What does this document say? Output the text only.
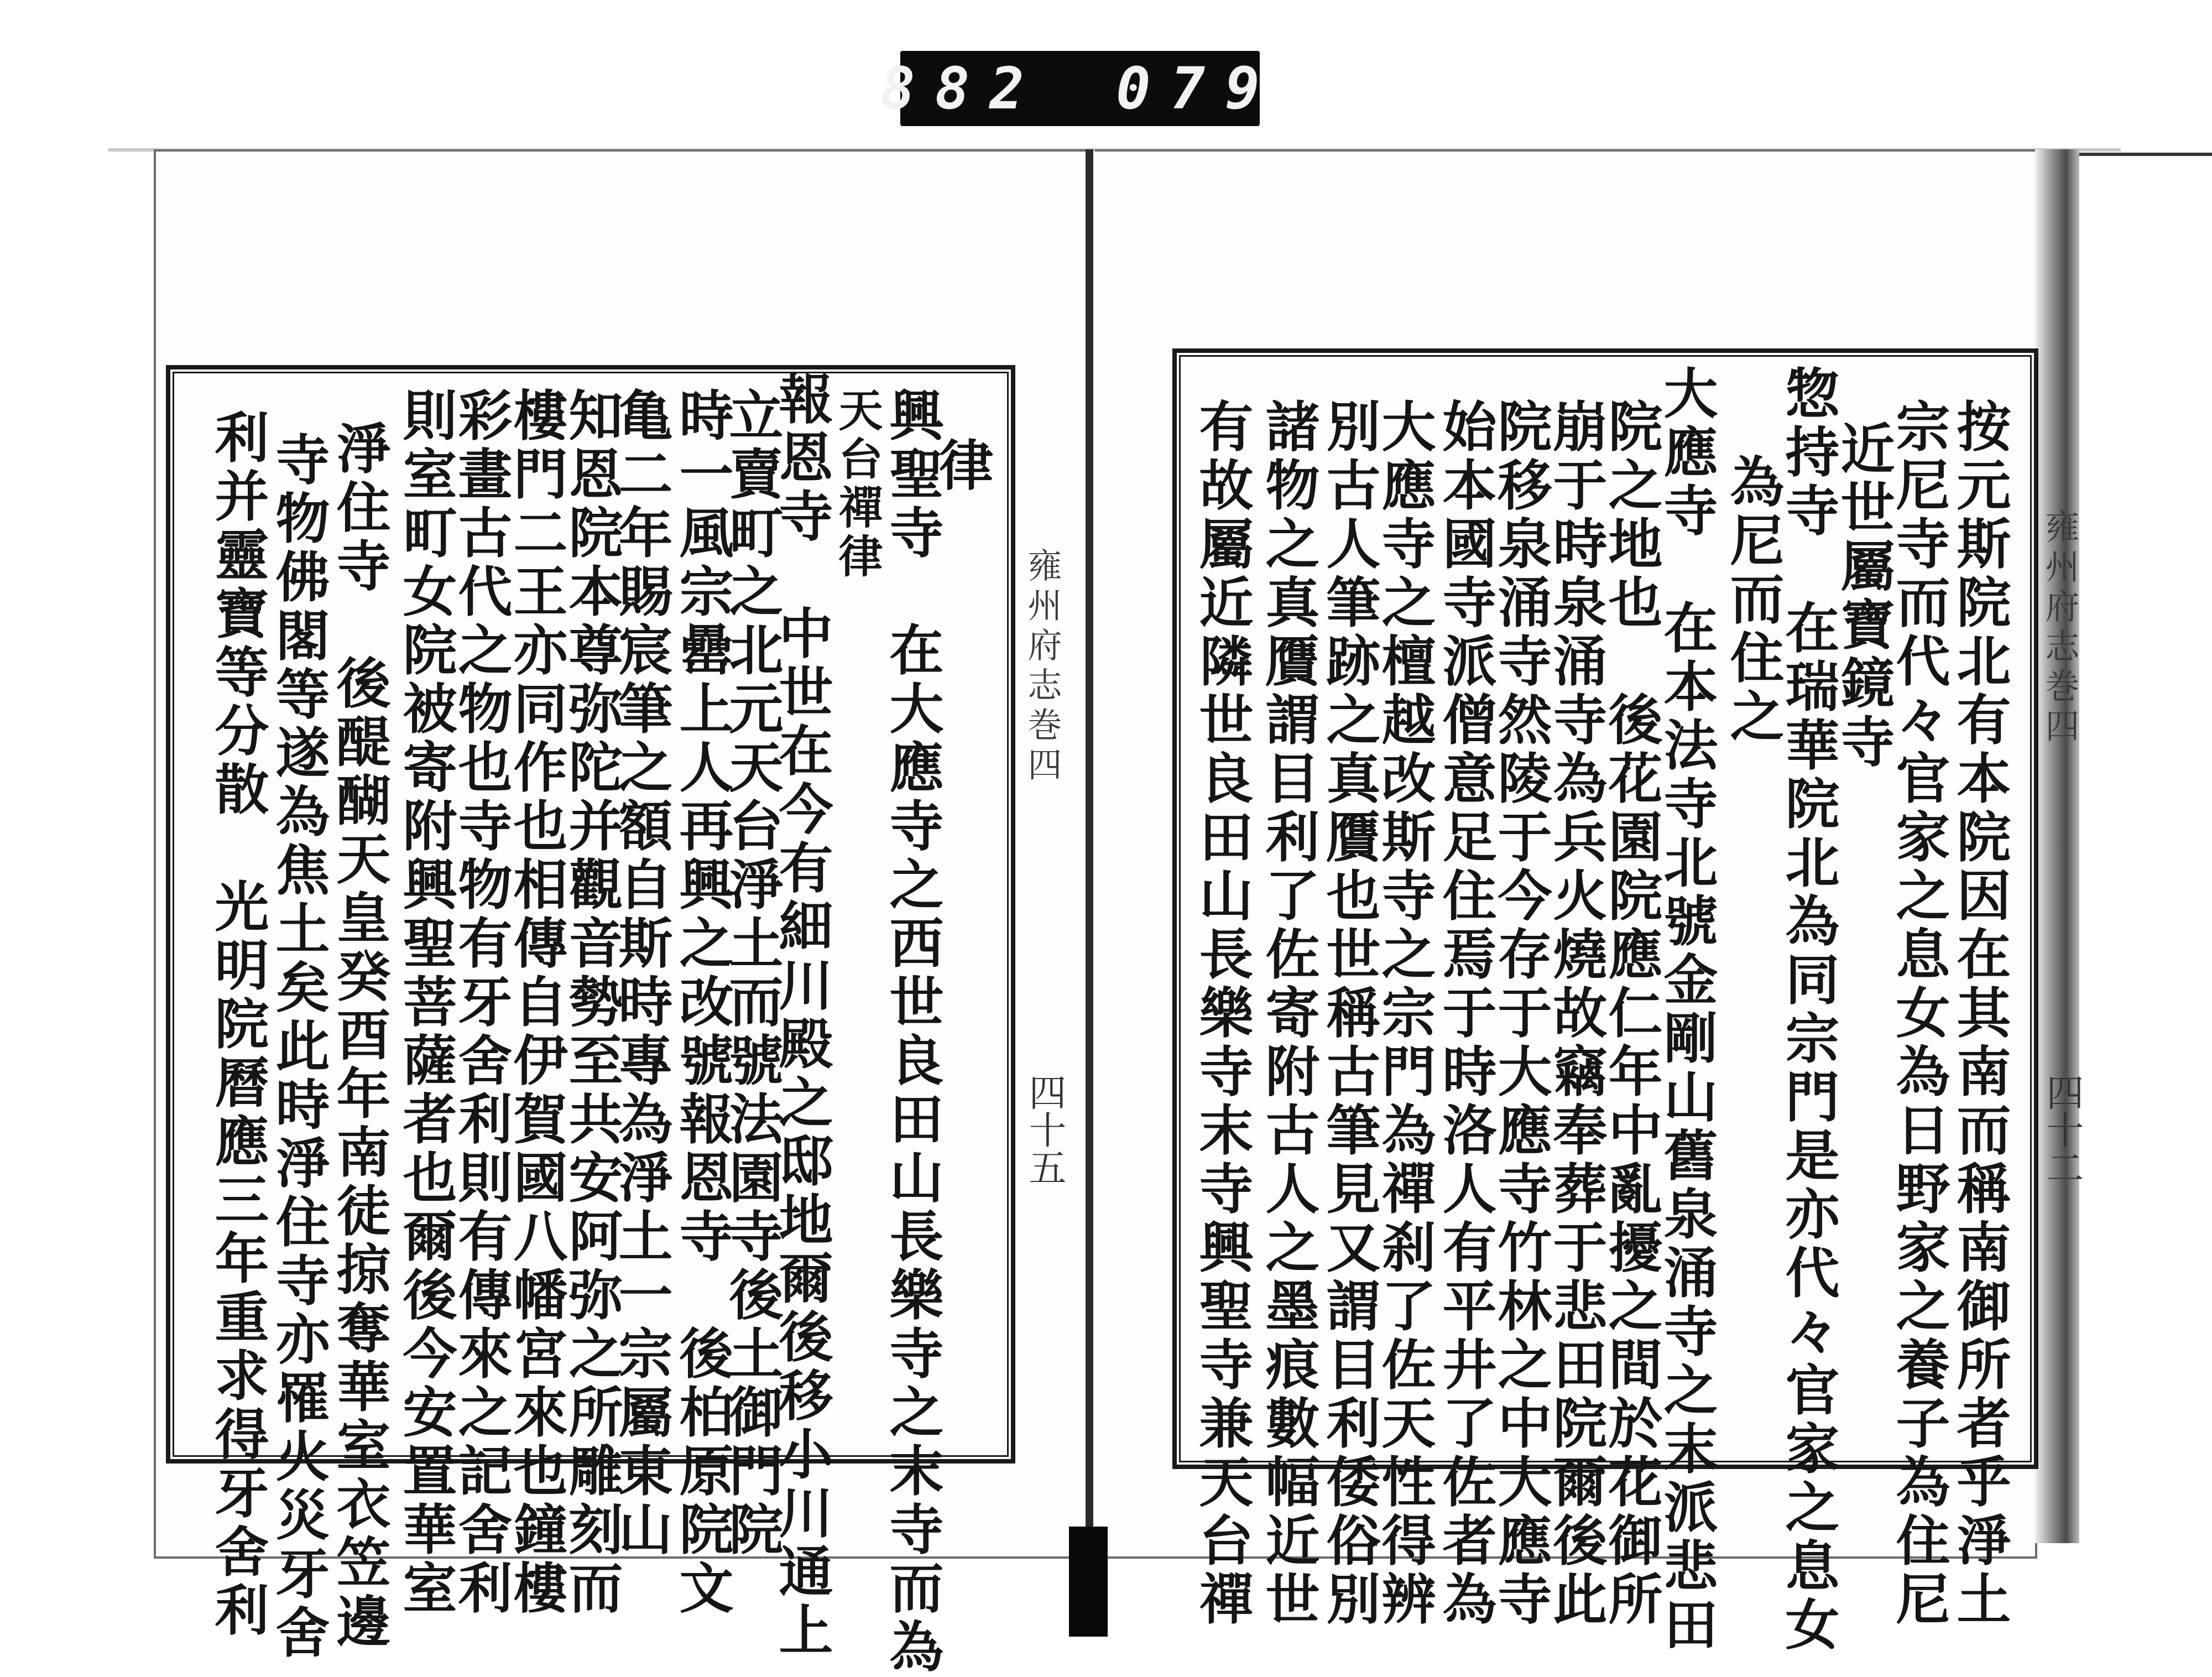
882 079
雍州府志巻四
四十五
雍州府志巻四
四十二
律
興聖寺　在大應寺之西世良田山長樂寺之末寺而為
天台禪律
報恩寺　中世在今有細川殿之邸地爾後移小川通上
立賣町之北元天台淨土而號法園寺後土御門院
時一風宗罍上人再興之改號報恩寺　後柏原院文
亀二年賜宸筆之額自斯時專為淨土一宗屬東山
知恩院本尊弥陀并觀音勢至共安阿弥之所雕刻而
樓門二王亦同作也相傳自伊賀國八幡宮來也鐘樓
彩畫古代之物也寺物有牙舍利則有傳來之記舍利
則室町女院被寄附興聖菩薩者也爾後今安置華室
淨住寺　後醍醐天皇癸酉年南徒掠奪華室衣笠邊
寺物佛閣等遂為焦土矣此時淨住寺亦罹火災牙舍
利并靈寶等分散　光明院曆應三年重求得牙舍利	按元斯院北有本院因在其南而稱南御所者乎淨土
宗尼寺而代々官家之息女為日野家之養子為住尼
近世屬寶鏡寺
惣持寺　在瑞華院北為同宗門是亦代々官家之息女
為尼而住之
大應寺　在本法寺北號金剛山舊泉涌寺之末派悲田
院之地也　後花園院應仁年中亂擾之間於花御所
崩于時泉涌寺為兵火燒故竊奉葬于悲田院爾後此
院移泉涌寺然陵于今存于大應寺竹林之中大應寺
始本國寺派僧意足住焉于時洛人有平井了佐者為
大應寺之檀越改斯寺之宗門為禪刹了佐天性得辨
別古人筆跡之真贋也世稱古筆見又謂目利倭俗別
諸物之真贋謂目利了佐寄附古人之墨痕數幅近世
有故屬近隣世良田山長樂寺末寺興聖寺兼天台禪
